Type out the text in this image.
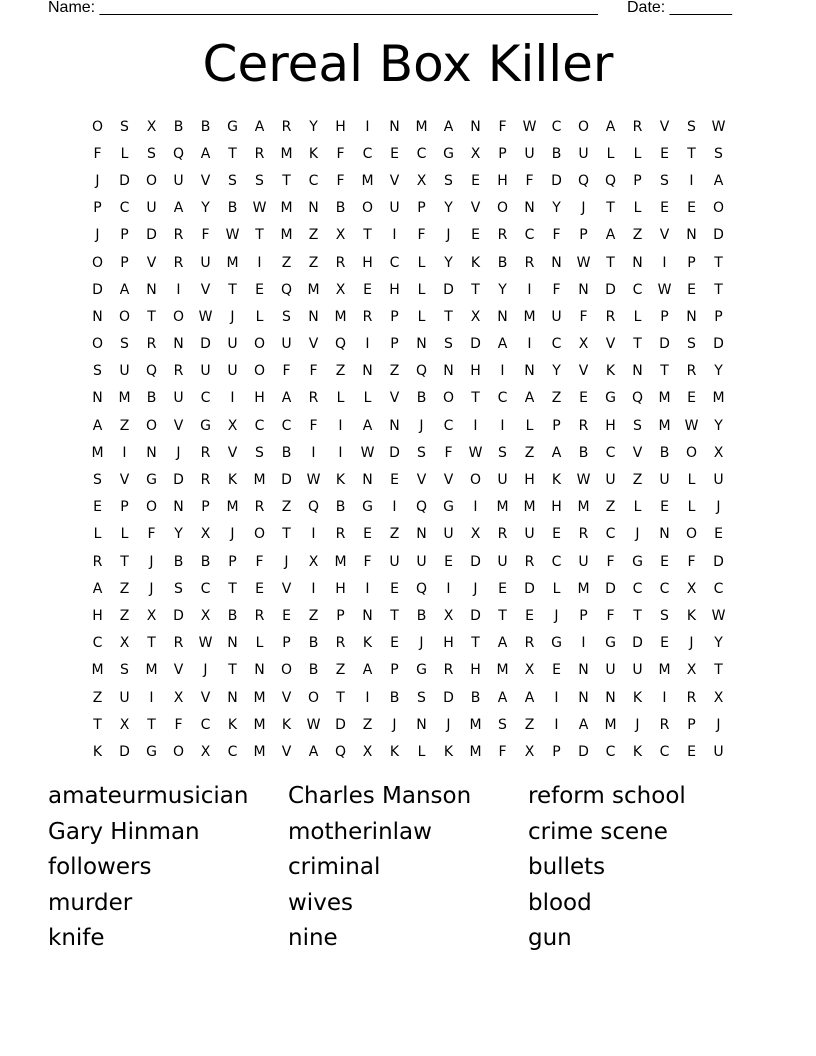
Name: ________________________________________________________ Date: _______
Cereal Box Killer
O	S	X	B	B	G	A	R	Y	H	I	N	M	A	N	F	W	C	O	A	R	V	S	W
F	L	S	Q	A	T	R	M	K	F	C	E	C	G	X	P	U	B	U	L	L	E	T	S
J	D	O	U	V	S	S	T	C	F	M	V	X	S	E	H	F	D	Q	Q	P	S	I	A
P	C	U	A	Y	B	W	M	N	B	O	U	P	Y	V	O	N	Y	J	T	L	E	E	O
J	P	D	R	F	W	T	M	Z	X	T	I	F	J	E	R	C	F	P	A	Z	V	N	D
O	P	V	R	U	M	I	Z	Z	R	H	C	L	Y	K	B	R	N	W	T	N	I	P	T
D	A	N	I	V	T	E	Q	M	X	E	H	L	D	T	Y	I	F	N	D	C	W	E	T
N	O	T	O	W	J	L	S	N	M	R	P	L	T	X	N	M	U	F	R	L	P	N	P
O	S	R	N	D	U	O	U	V	Q	I	P	N	S	D	A	I	C	X	V	T	D	S	D
S	U	Q	R	U	U	O	F	F	Z	N	Z	Q	N	H	I	N	Y	V	K	N	T	R	Y
N	M	B	U	C	I	H	A	R	L	L	V	B	O	T	C	A	Z	E	G	Q	M	E	M
A	Z	O	V	G	X	C	C	F	I	A	N	J	C	I	I	L	P	R	H	S	M	W	Y
M	I	N	J	R	V	S	B	I	I	W	D	S	F	W	S	Z	A	B	C	V	B	O	X
S	V	G	D	R	K	M	D	W	K	N	E	V	V	O	U	H	K	W	U	Z	U	L	U
E	P	O	N	P	M	R	Z	Q	B	G	I	Q	G	I	M	M	H	M	Z	L	E	L	J
L	L	F	Y	X	J	O	T	I	R	E	Z	N	U	X	R	U	E	R	C	J	N	O	E
R	T	J	B	B	P	F	J	X	M	F	U	U	E	D	U	R	C	U	F	G	E	F	D
A	Z	J	S	C	T	E	V	I	H	I	E	Q	I	J	E	D	L	M	D	C	C	X	C
H	Z	X	D	X	B	R	E	Z	P	N	T	B	X	D	T	E	J	P	F	T	S	K	W
C	X	T	R	W	N	L	P	B	R	K	E	J	H	T	A	R	G	I	G	D	E	J	Y
M	S	M	V	J	T	N	O	B	Z	A	P	G	R	H	M	X	E	N	U	U	M	X	T
Z	U	I	X	V	N	M	V	O	T	I	B	S	D	B	A	A	I	N	N	K	I	R	X
T	X	T	F	C	K	M	K	W	D	Z	J	N	J	M	S	Z	I	A	M	J	R	P	J
K	D	G	O	X	C	M	V	A	Q	X	K	L	K	M	F	X	P	D	C	K	C	E	U
amateurmusician	Charles Manson	reform school
Gary Hinman	motherinlaw	crime scene
followers	criminal	bullets
murder	wives	blood
knife	nine	gun
